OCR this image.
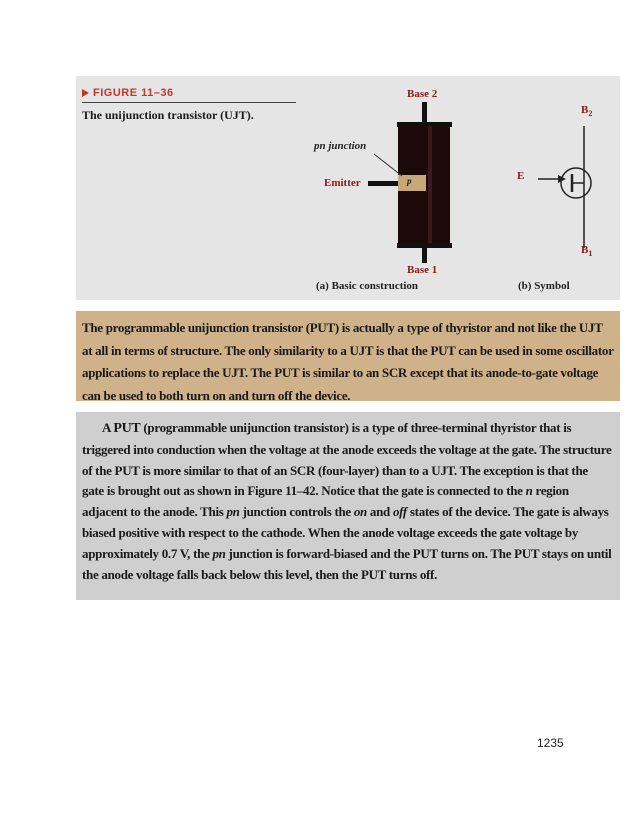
FIGURE 11–36
The unijunction transistor (UJT).
Base 2
pn junction
Emitter	p
Base 1
(a) Basic construction
$B_2$
E
$B_1$
(b) Symbol

The programmable unijunction transistor (PUT) is actually a type of thyristor and not like the UJT at all in terms of structure. The only similarity to a UJT is that the PUT can be used in some oscillator applications to replace the UJT. The PUT is similar to an SCR except that its anode-to-gate voltage can be used to both turn on and turn off the device.

A PUT (programmable unijunction transistor) is a type of three-terminal thyristor that is triggered into conduction when the voltage at the anode exceeds the voltage at the gate. The structure of the PUT is more similar to that of an SCR (four-layer) than to a UJT. The exception is that the gate is brought out as shown in Figure 11–42. Notice that the gate is connected to the n region adjacent to the anode. This pn junction controls the on and off states of the device. The gate is always biased positive with respect to the cathode. When the anode voltage exceeds the gate voltage by approximately 0.7 V, the pn junction is forward-biased and the PUT turns on. The PUT stays on until the anode voltage falls back below this level, then the PUT turns off.

1235
